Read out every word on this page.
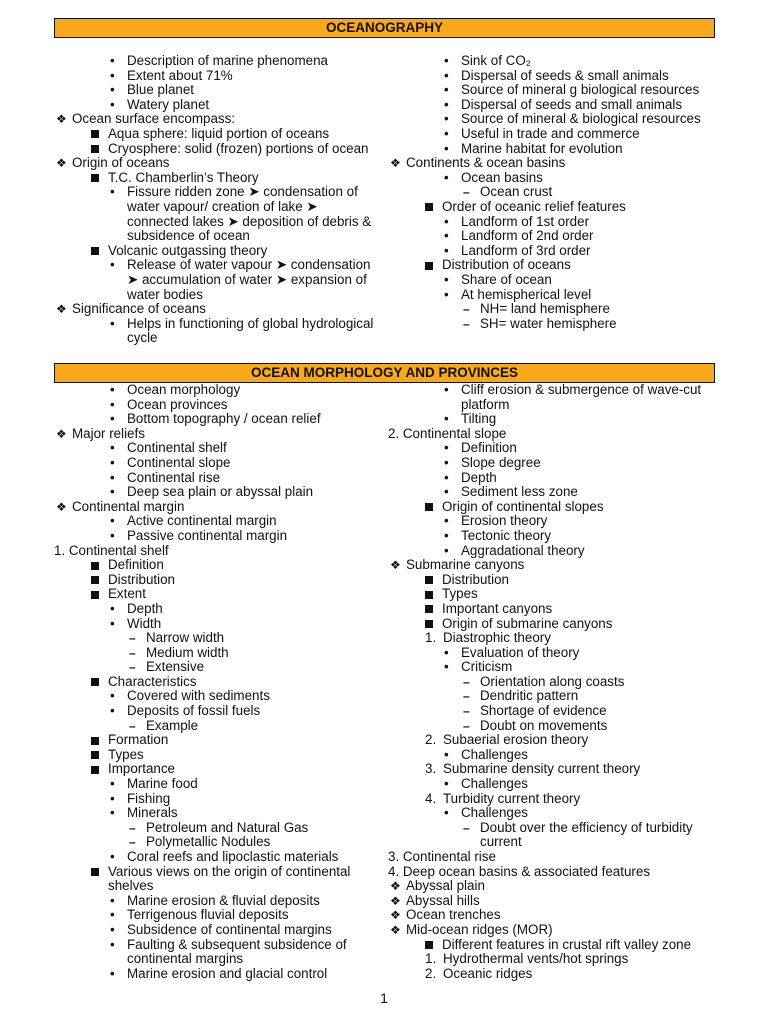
OCEANOGRAPHY
• Description of marine phenomena
• Extent about 71%
• Blue planet
• Watery planet
❖ Ocean surface encompass:
Aqua sphere: liquid portion of oceans
Cryosphere: solid (frozen) portions of ocean
❖ Origin of oceans
T.C. Chamberlin’s Theory
• Fissure ridden zone ➤ condensation of
water vapour/ creation of lake ➤
connected lakes ➤ deposition of debris &
subsidence of ocean
Volcanic outgassing theory
• Release of water vapour ➤ condensation
➤ accumulation of water ➤ expansion of
water bodies
❖ Significance of oceans
• Helps in functioning of global hydrological
cycle
• Sink of CO₂
• Dispersal of seeds & small animals
• Source of mineral g biological resources
• Dispersal of seeds and small animals
• Source of mineral & biological resources
• Useful in trade and commerce
• Marine habitat for evolution
❖ Continents & ocean basins
• Ocean basins
– Ocean crust
Order of oceanic relief features
• Landform of 1st order
• Landform of 2nd order
• Landform of 3rd order
Distribution of oceans
• Share of ocean
• At hemispherical level
– NH= land hemisphere
– SH= water hemisphere
OCEAN MORPHOLOGY AND PROVINCES
• Ocean morphology
• Ocean provinces
• Bottom topography / ocean relief
❖ Major reliefs
• Continental shelf
• Continental slope
• Continental rise
• Deep sea plain or abyssal plain
❖ Continental margin
• Active continental margin
• Passive continental margin
1. Continental shelf
Definition
Distribution
Extent
• Depth
• Width
– Narrow width
– Medium width
– Extensive
Characteristics
• Covered with sediments
• Deposits of fossil fuels
– Example
Formation
Types
Importance
• Marine food
• Fishing
• Minerals
– Petroleum and Natural Gas
– Polymetallic Nodules
• Coral reefs and lipoclastic materials
Various views on the origin of continental
shelves
• Marine erosion & fluvial deposits
• Terrigenous fluvial deposits
• Subsidence of continental margins
• Faulting & subsequent subsidence of
continental margins
• Marine erosion and glacial control
• Cliff erosion & submergence of wave-cut
platform
• Tilting
2. Continental slope
• Definition
• Slope degree
• Depth
• Sediment less zone
Origin of continental slopes
• Erosion theory
• Tectonic theory
• Aggradational theory
❖ Submarine canyons
Distribution
Types
Important canyons
Origin of submarine canyons
1. Diastrophic theory
• Evaluation of theory
• Criticism
– Orientation along coasts
– Dendritic pattern
– Shortage of evidence
– Doubt on movements
2. Subaerial erosion theory
• Challenges
3. Submarine density current theory
• Challenges
4. Turbidity current theory
• Challenges
– Doubt over the efficiency of turbidity
current
3. Continental rise
4. Deep ocean basins & associated features
❖ Abyssal plain
❖ Abyssal hills
❖ Ocean trenches
❖ Mid-ocean ridges (MOR)
Different features in crustal rift valley zone
1. Hydrothermal vents/hot springs
2. Oceanic ridges
1
